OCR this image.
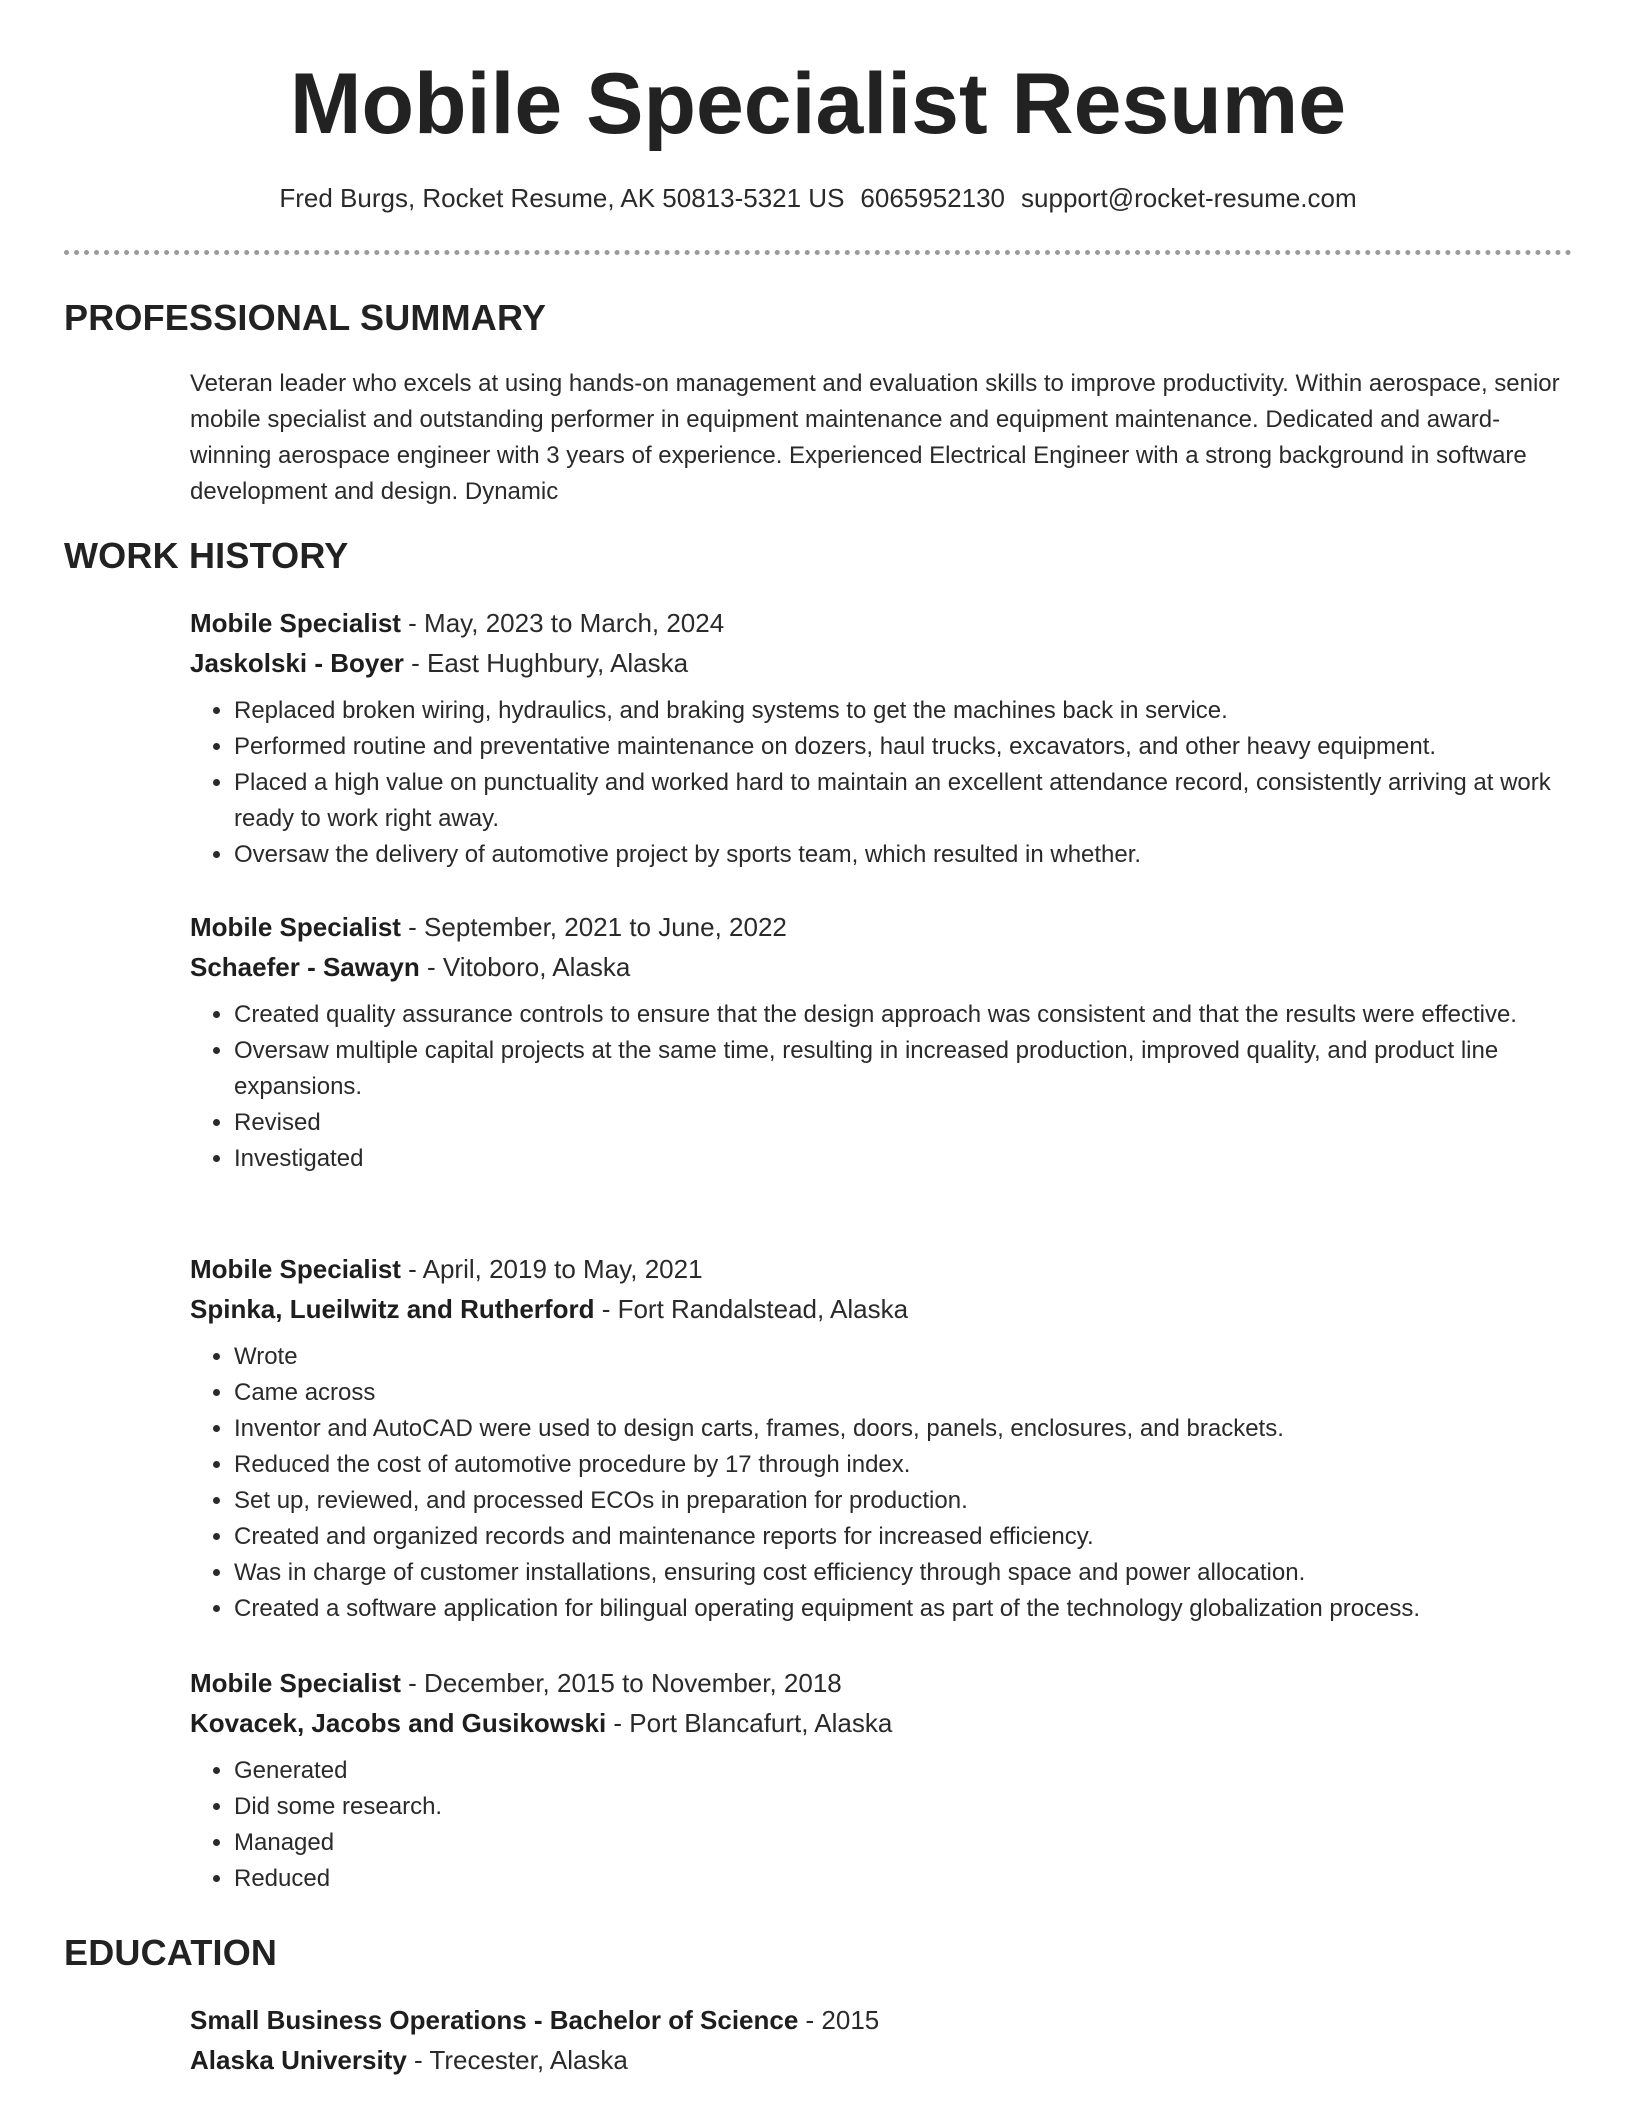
Mobile Specialist Resume
Fred Burgs, Rocket Resume, AK 50813-5321 US 6065952130 support@rocket-resume.com
PROFESSIONAL SUMMARY

Veteran leader who excels at using hands-on management and evaluation skills to improve productivity. Within aerospace, senior mobile specialist and outstanding performer in equipment maintenance and equipment maintenance. Dedicated and award-winning aerospace engineer with 3 years of experience. Experienced Electrical Engineer with a strong background in software development and design. Dynamic

WORK HISTORY
Mobile Specialist - May, 2023 to March, 2024
Jaskolski - Boyer - East Hughbury, Alaska
• Replaced broken wiring, hydraulics, and braking systems to get the machines back in service.
• Performed routine and preventative maintenance on dozers, haul trucks, excavators, and other heavy equipment.
• Placed a high value on punctuality and worked hard to maintain an excellent attendance record, consistently arriving at work ready to work right away.
• Oversaw the delivery of automotive project by sports team, which resulted in whether.
Mobile Specialist - September, 2021 to June, 2022
Schaefer - Sawayn - Vitoboro, Alaska
• Created quality assurance controls to ensure that the design approach was consistent and that the results were effective.
• Oversaw multiple capital projects at the same time, resulting in increased production, improved quality, and product line expansions.
• Revised
• Investigated
Mobile Specialist - April, 2019 to May, 2021
Spinka, Lueilwitz and Rutherford - Fort Randalstead, Alaska
• Wrote
• Came across
• Inventor and AutoCAD were used to design carts, frames, doors, panels, enclosures, and brackets.
• Reduced the cost of automotive procedure by 17 through index.
• Set up, reviewed, and processed ECOs in preparation for production.
• Created and organized records and maintenance reports for increased efficiency.
• Was in charge of customer installations, ensuring cost efficiency through space and power allocation.
• Created a software application for bilingual operating equipment as part of the technology globalization process.
Mobile Specialist - December, 2015 to November, 2018
Kovacek, Jacobs and Gusikowski - Port Blancafurt, Alaska
• Generated
• Did some research.
• Managed
• Reduced
EDUCATION
Small Business Operations - Bachelor of Science - 2015
Alaska University - Trecester, Alaska
